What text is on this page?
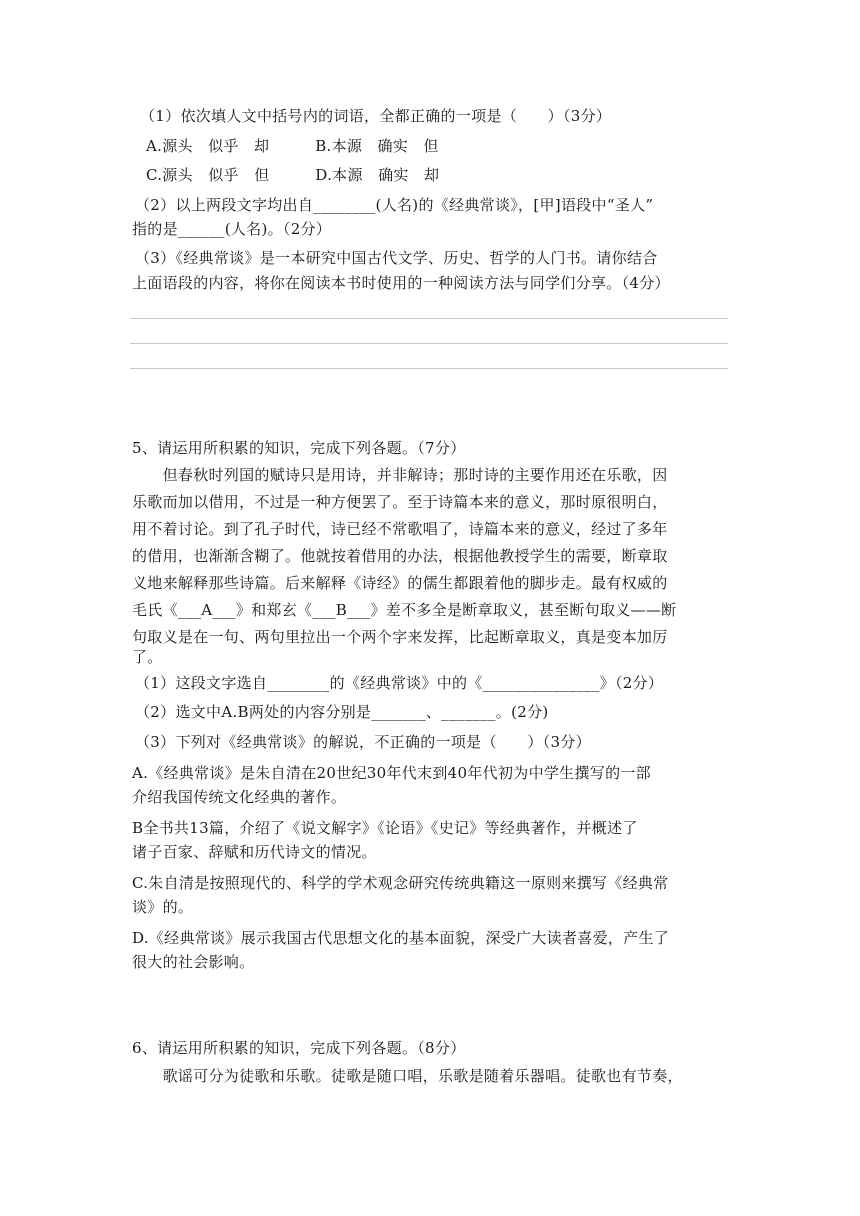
（1）依次填人文中括号内的词语，全都正确的一项是（　　）（3分）
A.源头　似乎　却　　　B.本源　确实　但
C.源头　似乎　但　　　D.本源　确实　却
（2）以上两段文字均出自________(人名)的《经典常谈》，[甲]语段中“圣人”
指的是______(人名)。（2分）
（3）《经典常谈》是一本研究中国古代文学、历史、哲学的人门书。请你结合
上面语段的内容，将你在阅读本书时使用的一种阅读方法与同学们分享。（4分）
5、请运用所积累的知识，完成下列各题。（7分）
　　但春秋时列国的赋诗只是用诗，并非解诗；那时诗的主要作用还在乐歌，因
乐歌而加以借用，不过是一种方便罢了。至于诗篇本来的意义，那时原很明白，
用不着讨论。到了孔子时代，诗已经不常歌唱了，诗篇本来的意义，经过了多年
的借用，也渐渐含糊了。他就按着借用的办法，根据他教授学生的需要，断章取
义地来解释那些诗篇。后来解释《诗经》的儒生都跟着他的脚步走。最有权威的
毛氏《___A___》和郑玄《___B___》差不多全是断章取义，甚至断句取义——断
句取义是在一句、两句里拉出一个两个字来发挥，比起断章取义，真是变本加厉
了。
（1）这段文字选自________的《经典常谈》中的《_______________》（2分）
（2）选文中A.B两处的内容分别是_______、_______。(2分)
（3）下列对《经典常谈》的解说，不正确的一项是（　　）（3分）
A.《经典常谈》是朱自清在20世纪30年代末到40年代初为中学生撰写的一部
介绍我国传统文化经典的著作。
B全书共13篇，介绍了《说文解字》《论语》《史记》等经典著作，并概述了
诸子百家、辞赋和历代诗文的情况。
C.朱自清是按照现代的、科学的学术观念研究传统典籍这一原则来撰写《经典常
谈》的。
D.《经典常谈》展示我国古代思想文化的基本面貌，深受广大读者喜爱，产生了
很大的社会影响。
6、请运用所积累的知识，完成下列各题。（8分）
　　歌谣可分为徒歌和乐歌。徒歌是随口唱，乐歌是随着乐器唱。徒歌也有节奏，
